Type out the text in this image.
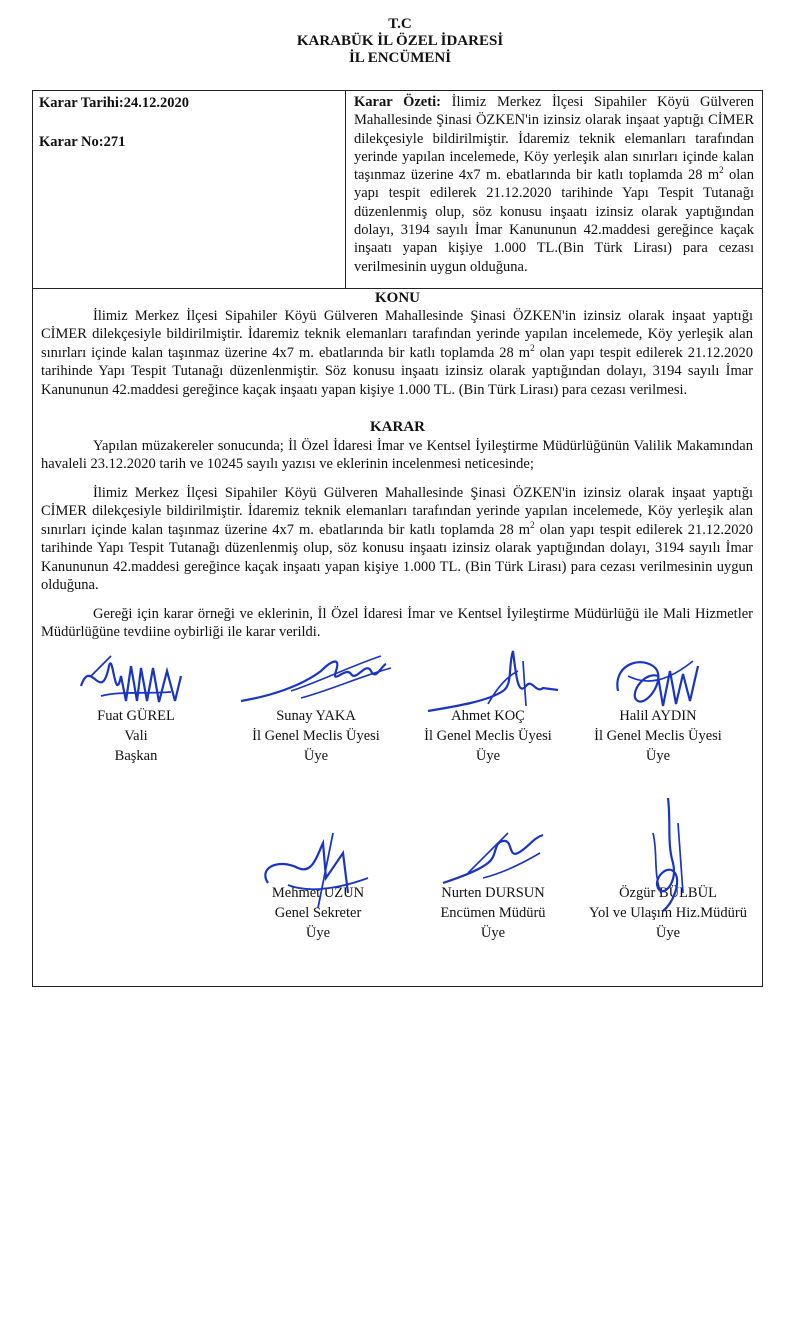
T.C
KARABÜK İL ÖZEL İDARESİ
İL ENCÜMENİ
Karar Tarihi:24.12.2020
Karar No:271
Karar Özeti: İlimiz Merkez İlçesi Sipahiler Köyü Gülveren Mahallesinde Şinasi ÖZKEN'in izinsiz olarak inşaat yaptığı CİMER dilekçesiyle bildirilmiştir. İdaremiz teknik elemanları tarafından yerinde yapılan incelemede, Köy yerleşik alan sınırları içinde kalan taşınmaz üzerine 4x7 m. ebatlarında bir katlı toplamda 28 $m^2$ olan yapı tespit edilerek 21.12.2020 tarihinde Yapı Tespit Tutanağı düzenlenmiş olup, söz konusu inşaatı izinsiz olarak yaptığından dolayı, 3194 sayılı İmar Kanununun 42.maddesi gereğince kaçak inşaatı yapan kişiye 1.000 TL.(Bin Türk Lirası) para cezası verilmesinin uygun olduğuna.
KONU
İlimiz Merkez İlçesi Sipahiler Köyü Gülveren Mahallesinde Şinasi ÖZKEN'in izinsiz olarak inşaat yaptığı CİMER dilekçesiyle bildirilmiştir. İdaremiz teknik elemanları tarafından yerinde yapılan incelemede, Köy yerleşik alan sınırları içinde kalan taşınmaz üzerine 4x7 m. ebatlarında bir katlı toplamda 28 $m^2$ olan yapı tespit edilerek 21.12.2020 tarihinde Yapı Tespit Tutanağı düzenlenmiştir. Söz konusu inşaatı izinsiz olarak yaptığından dolayı, 3194 sayılı İmar Kanununun 42.maddesi gereğince kaçak inşaatı yapan kişiye 1.000 TL. (Bin Türk Lirası) para cezası verilmesi.
KARAR
Yapılan müzakereler sonucunda; İl Özel İdaresi İmar ve Kentsel İyileştirme Müdürlüğünün Valilik Makamından havaleli 23.12.2020 tarih ve 10245 sayılı yazısı ve eklerinin incelenmesi neticesinde;
İlimiz Merkez İlçesi Sipahiler Köyü Gülveren Mahallesinde Şinasi ÖZKEN'in izinsiz olarak inşaat yaptığı CİMER dilekçesiyle bildirilmiştir. İdaremiz teknik elemanları tarafından yerinde yapılan incelemede, Köy yerleşik alan sınırları içinde kalan taşınmaz üzerine 4x7 m. ebatlarında bir katlı toplamda 28 $m^2$ olan yapı tespit edilerek 21.12.2020 tarihinde Yapı Tespit Tutanağı düzenlenmiş olup, söz konusu inşaatı izinsiz olarak yaptığından dolayı, 3194 sayılı İmar Kanununun 42.maddesi gereğince kaçak inşaatı yapan kişiye 1.000 TL. (Bin Türk Lirası) para cezası verilmesinin uygun olduğuna.
Gereği için karar örneği ve eklerinin, İl Özel İdaresi İmar ve Kentsel İyileştirme Müdürlüğü ile Mali Hizmetler Müdürlüğüne tevdiine oybirliği ile karar verildi.
Fuat GÜREL
Vali
Başkan
Sunay YAKA
İl Genel Meclis Üyesi
Üye
Ahmet KOÇ
İl Genel Meclis Üyesi
Üye
Halil AYDIN
İl Genel Meclis Üyesi
Üye
Mehmet UZUN
Genel Sekreter
Üye
Nurten DURSUN
Encümen Müdürü
Üye
Özgür BÜLBÜL
Yol ve Ulaşım Hiz.Müdürü
Üye
